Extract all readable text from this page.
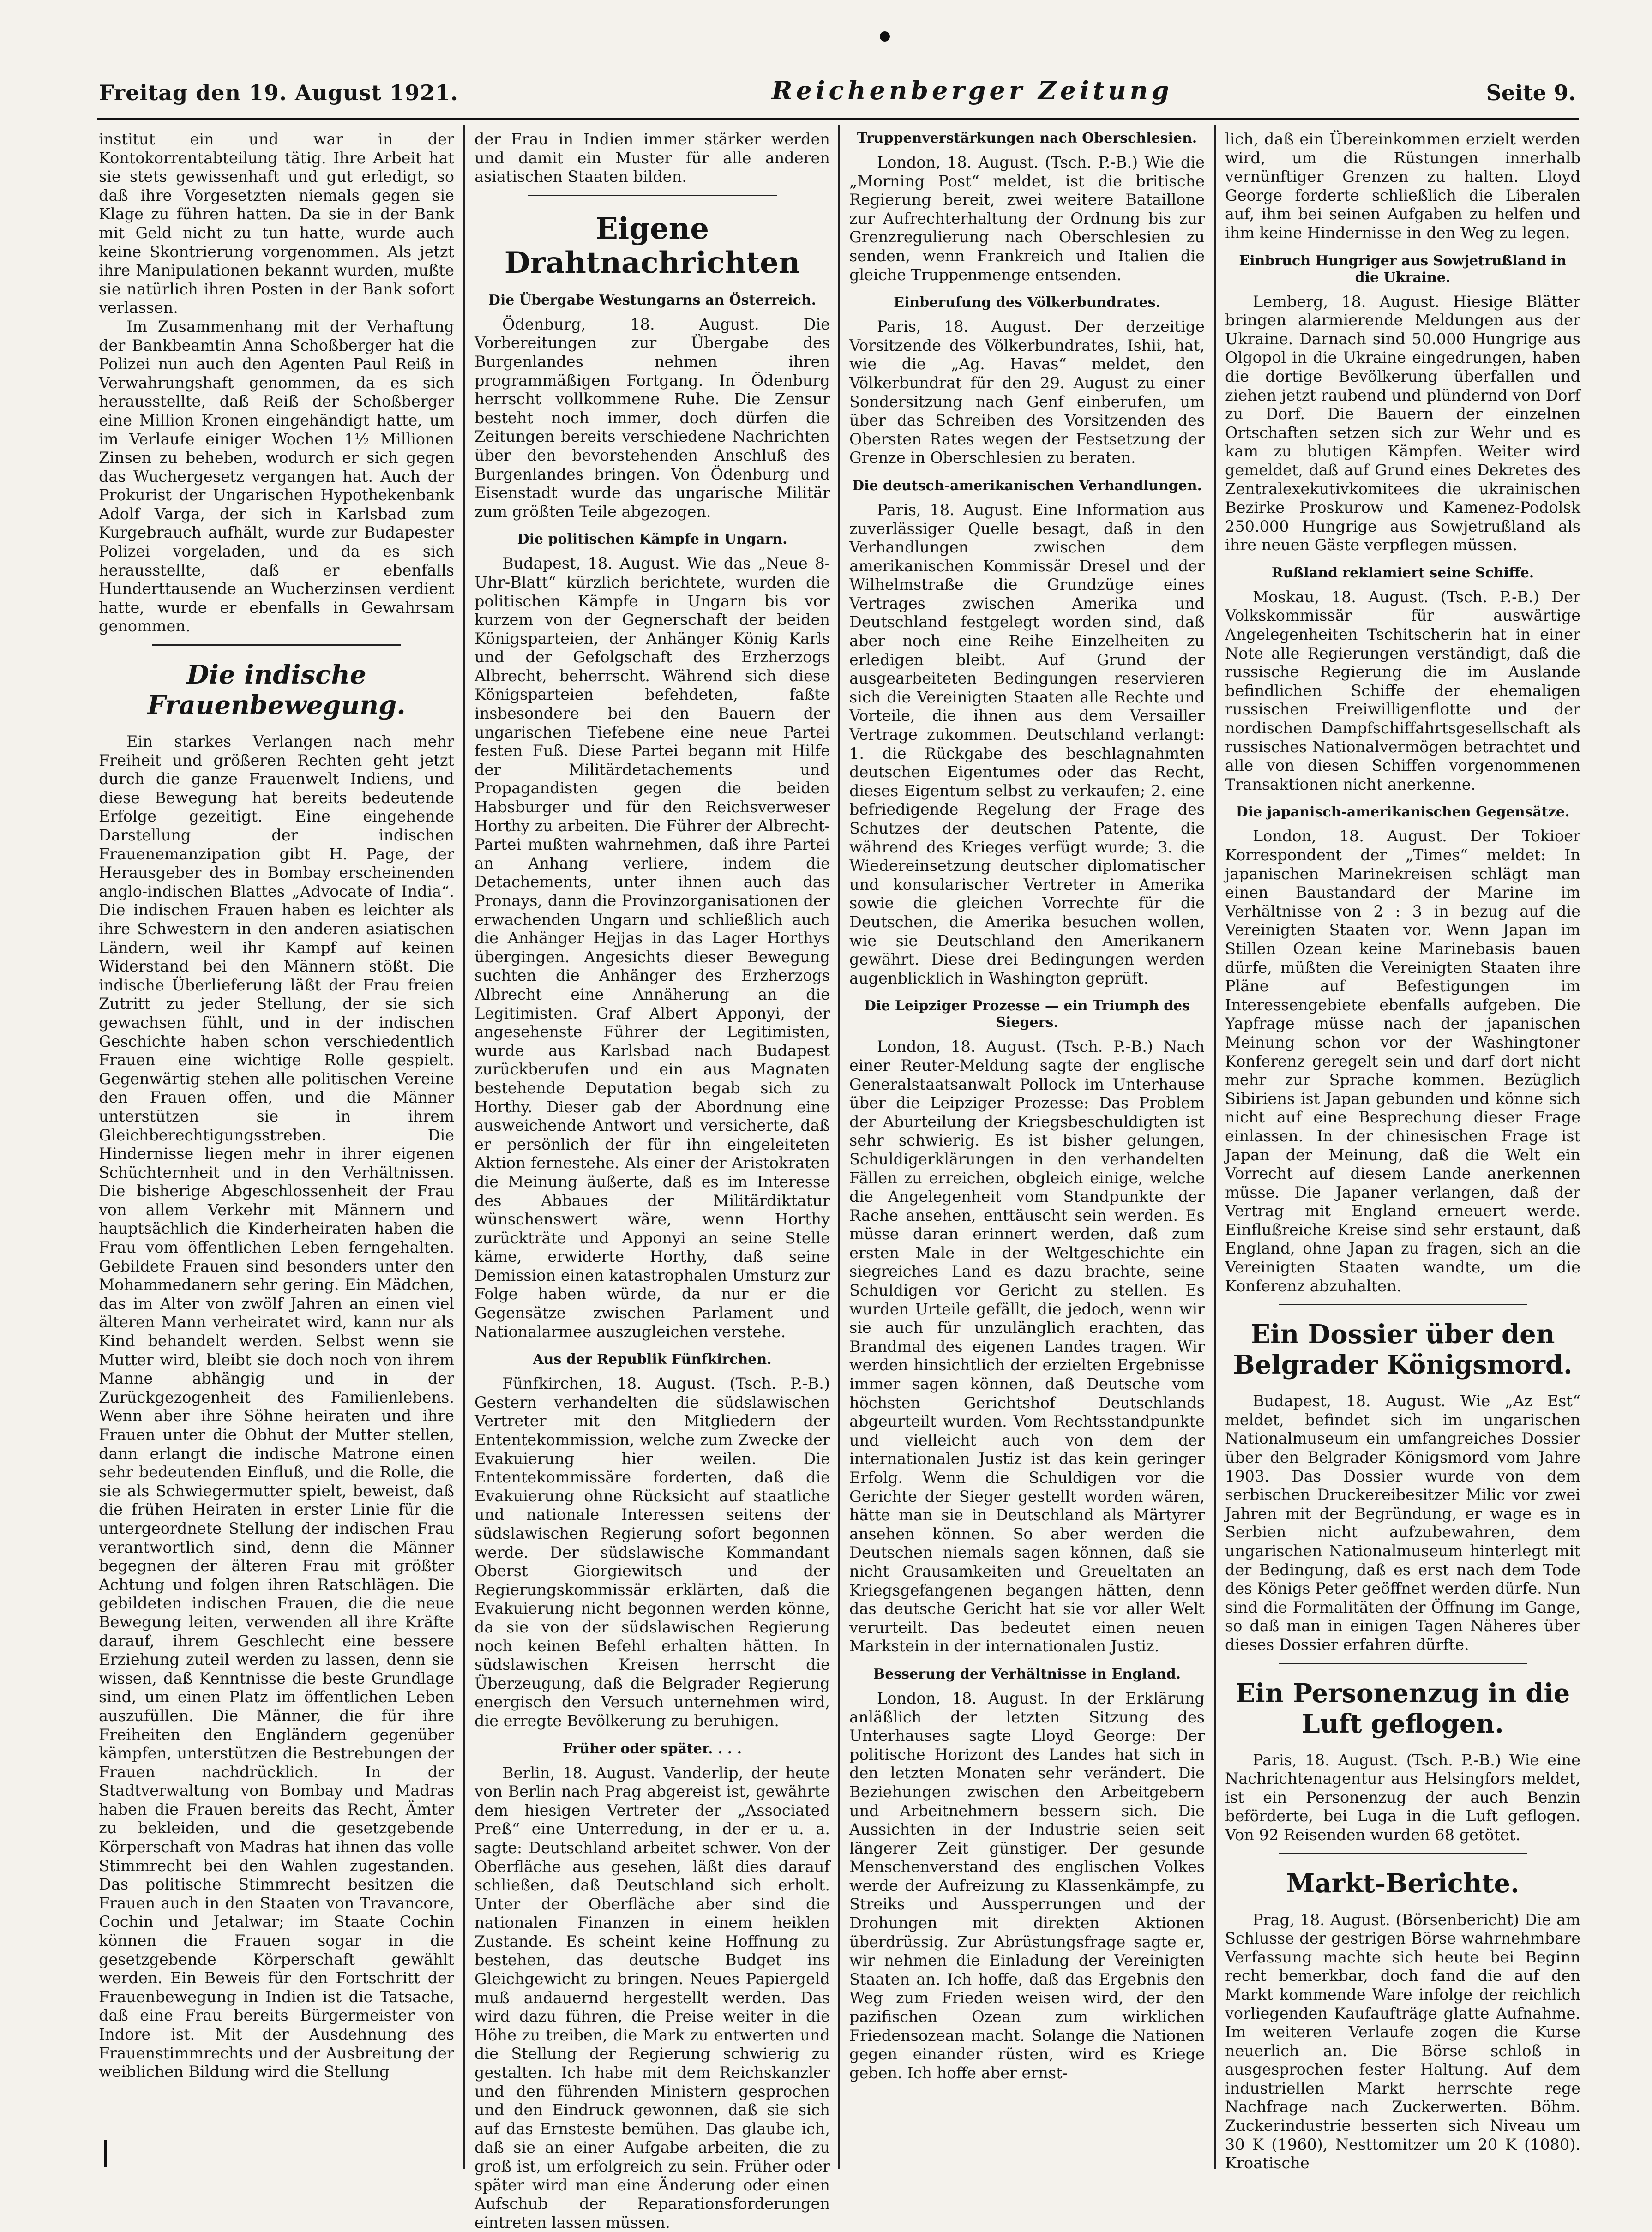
Freitag den 19. August 1921.	Reichenberger Zeitung	Seite 9.

institut ein und war in der Kontokorrentabteilung tätig. Ihre Arbeit hat sie stets gewissenhaft und gut erledigt, so daß ihre Vorgesetzten niemals gegen sie Klage zu führen hatten. Da sie in der Bank mit Geld nicht zu tun hatte, wurde auch keine Skontrierung vorgenommen. Als jetzt ihre Manipulationen bekannt wurden, mußte sie natürlich ihren Posten in der Bank sofort verlassen.

Im Zusammenhang mit der Verhaftung der Bankbeamtin Anna Schoßberger hat die Polizei nun auch den Agenten Paul Reiß in Verwahrungshaft genommen, da es sich herausstellte, daß Reiß der Schoßberger eine Million Kronen eingehändigt hatte, um im Verlaufe einiger Wochen 1½ Millionen Zinsen zu beheben, wodurch er sich gegen das Wuchergesetz vergangen hat. Auch der Prokurist der Ungarischen Hypothekenbank Adolf Varga, der sich in Karlsbad zum Kurgebrauch aufhält, wurde zur Budapester Polizei vorgeladen, und da es sich herausstellte, daß er ebenfalls Hunderttausende an Wucherzinsen verdient hatte, wurde er ebenfalls in Gewahrsam genommen.

Die indische Frauenbewegung.

Ein starkes Verlangen nach mehr Freiheit und größeren Rechten geht jetzt durch die ganze Frauenwelt Indiens, und diese Bewegung hat bereits bedeutende Erfolge gezeitigt. Eine eingehende Darstellung der indischen Frauenemanzipation gibt H. Page, der Herausgeber des in Bombay erscheinenden anglo-indischen Blattes „Advocate of India“. Die indischen Frauen haben es leichter als ihre Schwestern in den anderen asiatischen Ländern, weil ihr Kampf auf keinen Widerstand bei den Männern stößt. Die indische Überlieferung läßt der Frau freien Zutritt zu jeder Stellung, der sie sich gewachsen fühlt, und in der indischen Geschichte haben schon verschiedentlich Frauen eine wichtige Rolle gespielt. Gegenwärtig stehen alle politischen Vereine den Frauen offen, und die Männer unterstützen sie in ihrem Gleichberechtigungsstreben. Die Hindernisse liegen mehr in ihrer eigenen Schüchternheit und in den Verhältnissen. Die bisherige Abgeschlossenheit der Frau von allem Verkehr mit Männern und hauptsächlich die Kinderheiraten haben die Frau vom öffentlichen Leben ferngehalten. Gebildete Frauen sind besonders unter den Mohammedanern sehr gering. Ein Mädchen, das im Alter von zwölf Jahren an einen viel älteren Mann verheiratet wird, kann nur als Kind behandelt werden. Selbst wenn sie Mutter wird, bleibt sie doch noch von ihrem Manne abhängig und in der Zurückgezogenheit des Familienlebens. Wenn aber ihre Söhne heiraten und ihre Frauen unter die Obhut der Mutter stellen, dann erlangt die indische Matrone einen sehr bedeutenden Einfluß, und die Rolle, die sie als Schwiegermutter spielt, beweist, daß die frühen Heiraten in erster Linie für die untergeordnete Stellung der indischen Frau verantwortlich sind, denn die Männer begegnen der älteren Frau mit größter Achtung und folgen ihren Ratschlägen. Die gebildeten indischen Frauen, die die neue Bewegung leiten, verwenden all ihre Kräfte darauf, ihrem Geschlecht eine bessere Erziehung zuteil werden zu lassen, denn sie wissen, daß Kenntnisse die beste Grundlage sind, um einen Platz im öffentlichen Leben auszufüllen. Die Männer, die für ihre Freiheiten den Engländern gegenüber kämpfen, unterstützen die Bestrebungen der Frauen nachdrücklich. In der Stadtverwaltung von Bombay und Madras haben die Frauen bereits das Recht, Ämter zu bekleiden, und die gesetzgebende Körperschaft von Madras hat ihnen das volle Stimmrecht bei den Wahlen zugestanden. Das politische Stimmrecht besitzen die Frauen auch in den Staaten von Travancore, Cochin und Jetalwar; im Staate Cochin können die Frauen sogar in die gesetzgebende Körperschaft gewählt werden. Ein Beweis für den Fortschritt der Frauenbewegung in Indien ist die Tatsache, daß eine Frau bereits Bürgermeister von Indore ist. Mit der Ausdehnung des Frauenstimmrechts und der Ausbreitung der weiblichen Bildung wird die Stellung

der Frau in Indien immer stärker werden und damit ein Muster für alle anderen asiatischen Staaten bilden.

Eigene Drahtnachrichten
Die Übergabe Westungarns an Österreich.

Ödenburg, 18. August. Die Vorbereitungen zur Übergabe des Burgenlandes nehmen ihren programmäßigen Fortgang. In Ödenburg herrscht vollkommene Ruhe. Die Zensur besteht noch immer, doch dürfen die Zeitungen bereits verschiedene Nachrichten über den bevorstehenden Anschluß des Burgenlandes bringen. Von Ödenburg und Eisenstadt wurde das ungarische Militär zum größten Teile abgezogen.

Die politischen Kämpfe in Ungarn.

Budapest, 18. August. Wie das „Neue 8-Uhr-Blatt“ kürzlich berichtete, wurden die politischen Kämpfe in Ungarn bis vor kurzem von der Gegnerschaft der beiden Königsparteien, der Anhänger König Karls und der Gefolgschaft des Erzherzogs Albrecht, beherrscht. Während sich diese Königsparteien befehdeten, faßte insbesondere bei den Bauern der ungarischen Tiefebene eine neue Partei festen Fuß. Diese Partei begann mit Hilfe der Militärdetachements und Propagandisten gegen die beiden Habsburger und für den Reichsverweser Horthy zu arbeiten. Die Führer der Albrecht-Partei mußten wahrnehmen, daß ihre Partei an Anhang verliere, indem die Detachements, unter ihnen auch das Pronays, dann die Provinzorganisationen der erwachenden Ungarn und schließlich auch die Anhänger Hejjas in das Lager Horthys übergingen. Angesichts dieser Bewegung suchten die Anhänger des Erzherzogs Albrecht eine Annäherung an die Legitimisten. Graf Albert Apponyi, der angesehenste Führer der Legitimisten, wurde aus Karlsbad nach Budapest zurückberufen und ein aus Magnaten bestehende Deputation begab sich zu Horthy. Dieser gab der Abordnung eine ausweichende Antwort und versicherte, daß er persönlich der für ihn eingeleiteten Aktion fernestehe. Als einer der Aristokraten die Meinung äußerte, daß es im Interesse des Abbaues der Militärdiktatur wünschenswert wäre, wenn Horthy zurückträte und Apponyi an seine Stelle käme, erwiderte Horthy, daß seine Demission einen katastrophalen Umsturz zur Folge haben würde, da nur er die Gegensätze zwischen Parlament und Nationalarmee auszugleichen verstehe.

Aus der Republik Fünfkirchen.

Fünfkirchen, 18. August. (Tsch. P.-B.) Gestern verhandelten die südslawischen Vertreter mit den Mitgliedern der Ententekommission, welche zum Zwecke der Evakuierung hier weilen. Die Ententekommissäre forderten, daß die Evakuierung ohne Rücksicht auf staatliche und nationale Interessen seitens der südslawischen Regierung sofort begonnen werde. Der südslawische Kommandant Oberst Giorgiewitsch und der Regierungskommissär erklärten, daß die Evakuierung nicht begonnen werden könne, da sie von der südslawischen Regierung noch keinen Befehl erhalten hätten. In südslawischen Kreisen herrscht die Überzeugung, daß die Belgrader Regierung energisch den Versuch unternehmen wird, die erregte Bevölkerung zu beruhigen.

Früher oder später. . . .

Berlin, 18. August. Vanderlip, der heute von Berlin nach Prag abgereist ist, gewährte dem hiesigen Vertreter der „Associated Preß“ eine Unterredung, in der er u. a. sagte: Deutschland arbeitet schwer. Von der Oberfläche aus gesehen, läßt dies darauf schließen, daß Deutschland sich erholt. Unter der Oberfläche aber sind die nationalen Finanzen in einem heiklen Zustande. Es scheint keine Hoffnung zu bestehen, das deutsche Budget ins Gleichgewicht zu bringen. Neues Papiergeld muß andauernd hergestellt werden. Das wird dazu führen, die Preise weiter in die Höhe zu treiben, die Mark zu entwerten und die Stellung der Regierung schwierig zu gestalten. Ich habe mit dem Reichskanzler und den führenden Ministern gesprochen und den Eindruck gewonnen, daß sie sich auf das Ernsteste bemühen. Das glaube ich, daß sie an einer Aufgabe arbeiten, die zu groß ist, um erfolgreich zu sein. Früher oder später wird man eine Änderung oder einen Aufschub der Reparationsforderungen eintreten lassen müssen.

Truppenverstärkungen nach Oberschlesien.

London, 18. August. (Tsch. P.-B.) Wie die „Morning Post“ meldet, ist die britische Regierung bereit, zwei weitere Bataillone zur Aufrechterhaltung der Ordnung bis zur Grenzregulierung nach Oberschlesien zu senden, wenn Frankreich und Italien die gleiche Truppenmenge entsenden.

Einberufung des Völkerbundrates.

Paris, 18. August. Der derzeitige Vorsitzende des Völkerbundrates, Ishii, hat, wie die „Ag. Havas“ meldet, den Völkerbundrat für den 29. August zu einer Sondersitzung nach Genf einberufen, um über das Schreiben des Vorsitzenden des Obersten Rates wegen der Festsetzung der Grenze in Oberschlesien zu beraten.

Die deutsch-amerikanischen Verhandlungen.

Paris, 18. August. Eine Information aus zuverlässiger Quelle besagt, daß in den Verhandlungen zwischen dem amerikanischen Kommissär Dresel und der Wilhelmstraße die Grundzüge eines Vertrages zwischen Amerika und Deutschland festgelegt worden sind, daß aber noch eine Reihe Einzelheiten zu erledigen bleibt. Auf Grund der ausgearbeiteten Bedingungen reservieren sich die Vereinigten Staaten alle Rechte und Vorteile, die ihnen aus dem Versailler Vertrage zukommen. Deutschland verlangt: 1. die Rückgabe des beschlagnahmten deutschen Eigentumes oder das Recht, dieses Eigentum selbst zu verkaufen; 2. eine befriedigende Regelung der Frage des Schutzes der deutschen Patente, die während des Krieges verfügt wurde; 3. die Wiedereinsetzung deutscher diplomatischer und konsularischer Vertreter in Amerika sowie die gleichen Vorrechte für die Deutschen, die Amerika besuchen wollen, wie sie Deutschland den Amerikanern gewährt. Diese drei Bedingungen werden augenblicklich in Washington geprüft.

Die Leipziger Prozesse — ein Triumph des Siegers.

London, 18. August. (Tsch. P.-B.) Nach einer Reuter-Meldung sagte der englische Generalstaatsanwalt Pollock im Unterhause über die Leipziger Prozesse: Das Problem der Aburteilung der Kriegsbeschuldigten ist sehr schwierig. Es ist bisher gelungen, Schuldigerklärungen in den verhandelten Fällen zu erreichen, obgleich einige, welche die Angelegenheit vom Standpunkte der Rache ansehen, enttäuscht sein werden. Es müsse daran erinnert werden, daß zum ersten Male in der Weltgeschichte ein siegreiches Land es dazu brachte, seine Schuldigen vor Gericht zu stellen. Es wurden Urteile gefällt, die jedoch, wenn wir sie auch für unzulänglich erachten, das Brandmal des eigenen Landes tragen. Wir werden hinsichtlich der erzielten Ergebnisse immer sagen können, daß Deutsche vom höchsten Gerichtshof Deutschlands abgeurteilt wurden. Vom Rechtsstandpunkte und vielleicht auch von dem der internationalen Justiz ist das kein geringer Erfolg. Wenn die Schuldigen vor die Gerichte der Sieger gestellt worden wären, hätte man sie in Deutschland als Märtyrer ansehen können. So aber werden die Deutschen niemals sagen können, daß sie nicht Grausamkeiten und Greueltaten an Kriegsgefangenen begangen hätten, denn das deutsche Gericht hat sie vor aller Welt verurteilt. Das bedeutet einen neuen Markstein in der internationalen Justiz.

Besserung der Verhältnisse in England.

London, 18. August. In der Erklärung anläßlich der letzten Sitzung des Unterhauses sagte Lloyd George: Der politische Horizont des Landes hat sich in den letzten Monaten sehr verändert. Die Beziehungen zwischen den Arbeitgebern und Arbeitnehmern bessern sich. Die Aussichten in der Industrie seien seit längerer Zeit günstiger. Der gesunde Menschenverstand des englischen Volkes werde der Aufreizung zu Klassenkämpfe, zu Streiks und Aussperrungen und der Drohungen mit direkten Aktionen überdrüssig. Zur Abrüstungsfrage sagte er, wir nehmen die Einladung der Vereinigten Staaten an. Ich hoffe, daß das Ergebnis den Weg zum Frieden weisen wird, der den pazifischen Ozean zum wirklichen Friedensozean macht. Solange die Nationen gegen einander rüsten, wird es Kriege geben. Ich hoffe aber ernst-

lich, daß ein Übereinkommen erzielt werden wird, um die Rüstungen innerhalb vernünftiger Grenzen zu halten. Lloyd George forderte schließlich die Liberalen auf, ihm bei seinen Aufgaben zu helfen und ihm keine Hindernisse in den Weg zu legen.

Einbruch Hungriger aus Sowjetrußland in die Ukraine.

Lemberg, 18. August. Hiesige Blätter bringen alarmierende Meldungen aus der Ukraine. Darnach sind 50.000 Hungrige aus Olgopol in die Ukraine eingedrungen, haben die dortige Bevölkerung überfallen und ziehen jetzt raubend und plündernd von Dorf zu Dorf. Die Bauern der einzelnen Ortschaften setzen sich zur Wehr und es kam zu blutigen Kämpfen. Weiter wird gemeldet, daß auf Grund eines Dekretes des Zentralexekutivkomitees die ukrainischen Bezirke Proskurow und Kamenez-Podolsk 250.000 Hungrige aus Sowjetrußland als ihre neuen Gäste verpflegen müssen.

Rußland reklamiert seine Schiffe.

Moskau, 18. August. (Tsch. P.-B.) Der Volkskommissär für auswärtige Angelegenheiten Tschitscherin hat in einer Note alle Regierungen verständigt, daß die russische Regierung die im Auslande befindlichen Schiffe der ehemaligen russischen Freiwilligenflotte und der nordischen Dampfschiffahrtsgesellschaft als russisches Nationalvermögen betrachtet und alle von diesen Schiffen vorgenommenen Transaktionen nicht anerkenne.

Die japanisch-amerikanischen Gegensätze.

London, 18. August. Der Tokioer Korrespondent der „Times“ meldet: In japanischen Marinekreisen schlägt man einen Baustandard der Marine im Verhältnisse von 2 : 3 in bezug auf die Vereinigten Staaten vor. Wenn Japan im Stillen Ozean keine Marinebasis bauen dürfe, müßten die Vereinigten Staaten ihre Pläne auf Befestigungen im Interessengebiete ebenfalls aufgeben. Die Yapfrage müsse nach der japanischen Meinung schon vor der Washingtoner Konferenz geregelt sein und darf dort nicht mehr zur Sprache kommen. Bezüglich Sibiriens ist Japan gebunden und könne sich nicht auf eine Besprechung dieser Frage einlassen. In der chinesischen Frage ist Japan der Meinung, daß die Welt ein Vorrecht auf diesem Lande anerkennen müsse. Die Japaner verlangen, daß der Vertrag mit England erneuert werde. Einflußreiche Kreise sind sehr erstaunt, daß England, ohne Japan zu fragen, sich an die Vereinigten Staaten wandte, um die Konferenz abzuhalten.

Ein Dossier über den Belgrader Königsmord.

Budapest, 18. August. Wie „Az Est“ meldet, befindet sich im ungarischen Nationalmuseum ein umfangreiches Dossier über den Belgrader Königsmord vom Jahre 1903. Das Dossier wurde von dem serbischen Druckereibesitzer Milic vor zwei Jahren mit der Begründung, er wage es in Serbien nicht aufzubewahren, dem ungarischen Nationalmuseum hinterlegt mit der Bedingung, daß es erst nach dem Tode des Königs Peter geöffnet werden dürfe. Nun sind die Formalitäten der Öffnung im Gange, so daß man in einigen Tagen Näheres über dieses Dossier erfahren dürfte.

Ein Personenzug in die Luft geflogen.

Paris, 18. August. (Tsch. P.-B.) Wie eine Nachrichtenagentur aus Helsingfors meldet, ist ein Personenzug der auch Benzin beförderte, bei Luga in die Luft geflogen. Von 92 Reisenden wurden 68 getötet.

Markt-Berichte.

Prag, 18. August. (Börsenbericht) Die am Schlusse der gestrigen Börse wahrnehmbare Verfassung machte sich heute bei Beginn recht bemerkbar, doch fand die auf den Markt kommende Ware infolge der reichlich vorliegenden Kaufaufträge glatte Aufnahme. Im weiteren Verlaufe zogen die Kurse neuerlich an. Die Börse schloß in ausgesprochen fester Haltung. Auf dem industriellen Markt herrschte rege Nachfrage nach Zuckerwerten. Böhm. Zuckerindustrie besserten sich Niveau um 30 K (1960), Nesttomitzer um 20 K (1080). Kroatische
